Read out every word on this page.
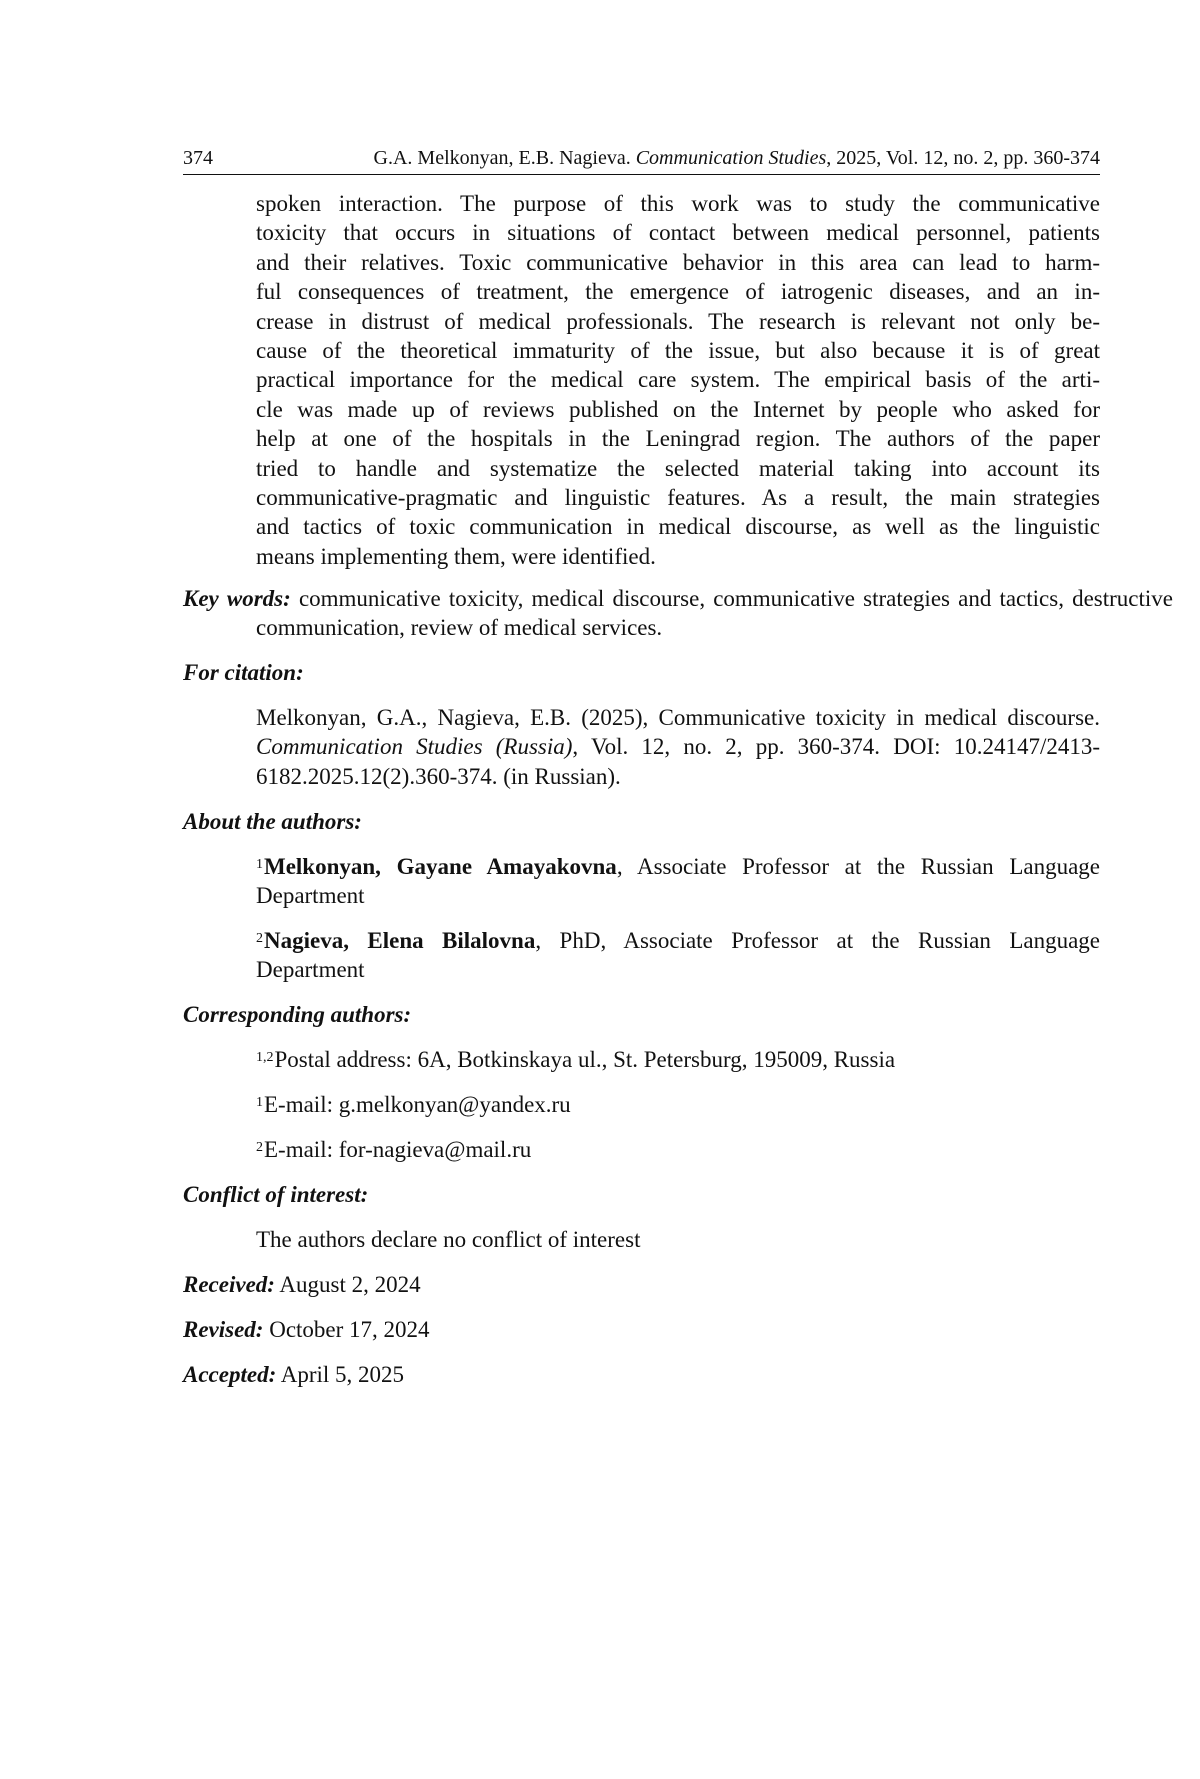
374	G.A. Melkonyan, E.B. Nagieva. Communication Studies, 2025, Vol. 12, no. 2, pp. 360-374
spoken interaction. The purpose of this work was to study the communicative
toxicity that occurs in situations of contact between medical personnel, patients
and their relatives. Toxic communicative behavior in this area can lead to harm-
ful consequences of treatment, the emergence of iatrogenic diseases, and an in-
crease in distrust of medical professionals. The research is relevant not only be-
cause of the theoretical immaturity of the issue, but also because it is of great
practical importance for the medical care system. The empirical basis of the arti-
cle was made up of reviews published on the Internet by people who asked for
help at one of the hospitals in the Leningrad region. The authors of the paper
tried to handle and systematize the selected material taking into account its
communicative-pragmatic and linguistic features. As a result, the main strategies
and tactics of toxic communication in medical discourse, as well as the linguistic
means implementing them, were identified.
Key words: communicative toxicity, medical discourse, communicative strategies and tactics, destructive communication, review of medical services.
For citation:
Melkonyan, G.A., Nagieva, E.B. (2025), Communicative toxicity in medical discourse. Communication Studies (Russia), Vol. 12, no. 2, pp. 360-374. DOI: 10.24147/2413-6182.2025.12(2).360-374. (in Russian).
About the authors:
$^1$Melkonyan, Gayane Amayakovna, Associate Professor at the Russian Language Department
$^2$Nagieva, Elena Bilalovna, PhD, Associate Professor at the Russian Language Department
Corresponding authors:
$^{1,2}$Postal address: 6A, Botkinskaya ul., St. Petersburg, 195009, Russia
$^1$E-mail: g.melkonyan@yandex.ru
$^2$E-mail: for-nagieva@mail.ru
Conflict of interest:
The authors declare no conflict of interest
Received: August 2, 2024
Revised: October 17, 2024
Accepted: April 5, 2025
